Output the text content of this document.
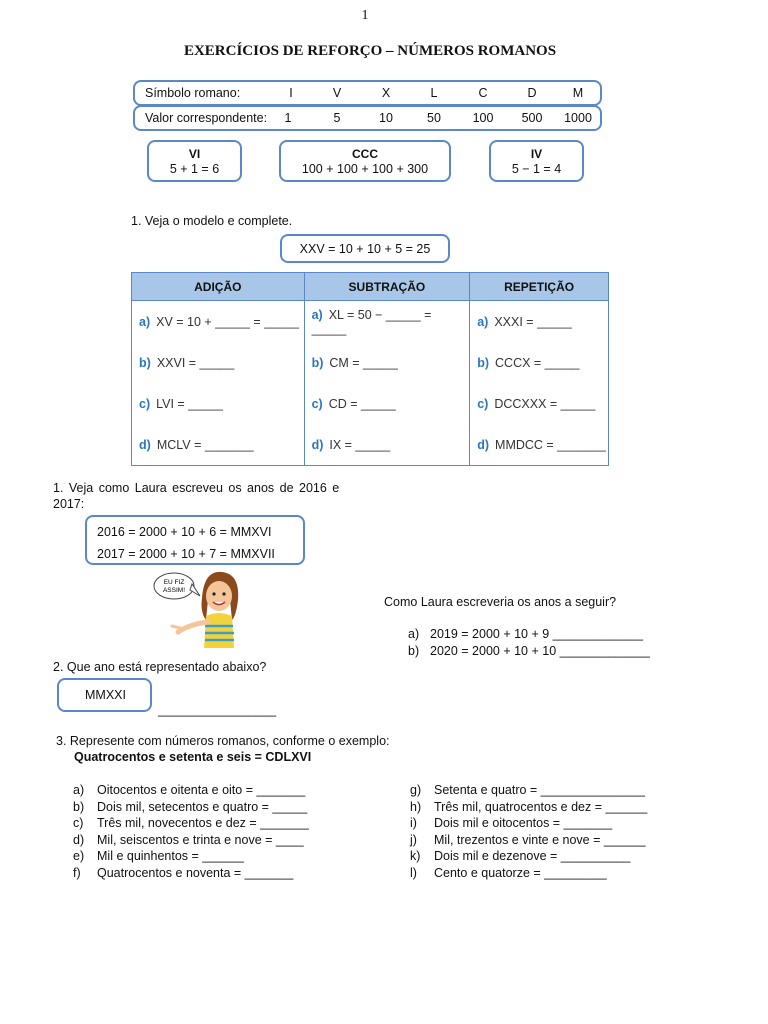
1
EXERCÍCIOS DE REFORÇO – NÚMEROS ROMANOS
Símbolo romano:	I	V	X	L	C	D	M
Valor correspondente:	1	5	10	50	100	500	1000
VI
5 + 1 = 6
CCC
100 + 100 + 100 + 300
IV
5 − 1 = 4
1. Veja o modelo e complete.
XXV = 10 + 10 + 5 = 25
ADIÇÃO	SUBTRAÇÃO	REPETIÇÃO
a) XV = 10 + _____ = _____	a) XL = 50 − _____ = _____	a) XXXI = _____
b) XXVI = _____	b) CM = _____	b) CCCX = _____
c) LVI = _____	c) CD = _____	c) DCCXXX = _____
d) MCLV = _______	d) IX = _____	d) MMDCC = _______
1. Veja como Laura escreveu os anos de 2016 e
2017:
2016 = 2000 + 10 + 6 = MMXVI
2017 = 2000 + 10 + 7 = MMXVII
EU FIZ
ASSIM!
Como Laura escreveria os anos a seguir?
a) 2019 = 2000 + 10 + 9 _____________
b) 2020 = 2000 + 10 + 10 _____________
2. Que ano está representado abaixo?
MMXXI
_________________
3. Represente com números romanos, conforme o exemplo:
Quatrocentos e setenta e seis = CDLXVI
a) Oitocentos e oitenta e oito = _______
b) Dois mil, setecentos e quatro = _____
c) Três mil, novecentos e dez = _______
d) Mil, seiscentos e trinta e nove = ____
e) Mil e quinhentos = ______
f) Quatrocentos e noventa = _______
g) Setenta e quatro = _______________
h) Três mil, quatrocentos e dez = ______
i) Dois mil e oitocentos = _______
j) Mil, trezentos e vinte e nove = ______
k) Dois mil e dezenove = __________
l) Cento e quatorze = _________
